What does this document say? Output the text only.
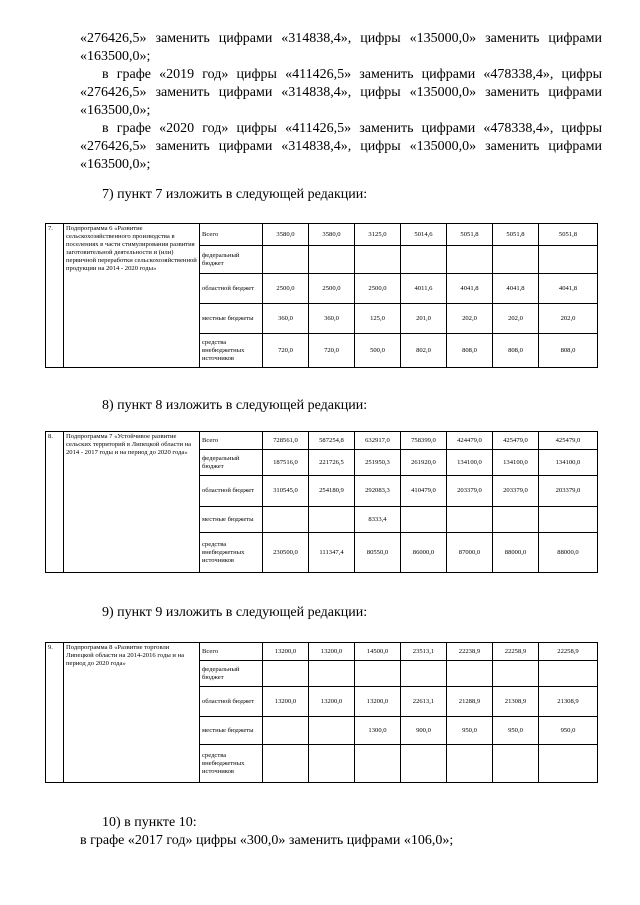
«276426,5» заменить цифрами «314838,4», цифры «135000,0» заменить цифрами «163500,0»;

в графе «2019 год» цифры «411426,5» заменить цифрами «478338,4», цифры «276426,5» заменить цифрами «314838,4», цифры «135000,0» заменить цифрами «163500,0»;

в графе «2020 год» цифры «411426,5» заменить цифрами «478338,4», цифры «276426,5» заменить цифрами «314838,4», цифры «135000,0» заменить цифрами «163500,0»;

7) пункт 7 изложить в следующей редакции:

7.	Подпрограмма 6 «Развитие сельскохозяйственного производства в поселениях в части стимулирования развития заготовительной деятельности и (или) первичной переработки сельскохозяйственной продукции на 2014 - 2020 годы»	Всего	3580,0	3580,0	3125,0	5014,6	5051,8	5051,8	5051,8
		федеральный бюджет							
		областной бюджет	2500,0	2500,0	2500,0	4011,6	4041,8	4041,8	4041,8
		местные бюджеты	360,0	360,0	125,0	201,0	202,0	202,0	202,0
		средства внебюджетных источников	720,0	720,0	500,0	802,0	808,0	808,0	808,0

8) пункт 8 изложить в следующей редакции:

8.	Подпрограмма 7 «Устойчивое развитие сельских территорий в Липецкой области на 2014 - 2017 годы и на период до 2020 года»	Всего	728561,0	587254,8	632917,0	758399,0	424479,0	425479,0	425479,0
		федеральный бюджет	187516,0	221726,5	251950,3	261920,0	134100,0	134100,0	134100,0
		областной бюджет	310545,0	254180,9	292083,3	410479,0	203379,0	203379,0	203379,0
		местные бюджеты			8333,4				
		средства внебюджетных источников	230500,0	111347,4	80550,0	86000,0	87000,0	88000,0	88000,0

9) пункт 9 изложить в следующей редакции:

9.	Подпрограмма 8 «Развитие торговли Липецкой области на 2014-2016 годы и на период до 2020 года»	Всего	13200,0	13200,0	14500,0	23513,1	22238,9	22258,9	22258,9
		федеральный бюджет							
		областной бюджет	13200,0	13200,0	13200,0	22613,1	21288,9	21308,9	21308,9
		местные бюджеты			1300,0	900,0	950,0	950,0	950,0
		средства внебюджетных источников							

10) в пункте 10:

в графе «2017 год» цифры «300,0» заменить цифрами «106,0»;
